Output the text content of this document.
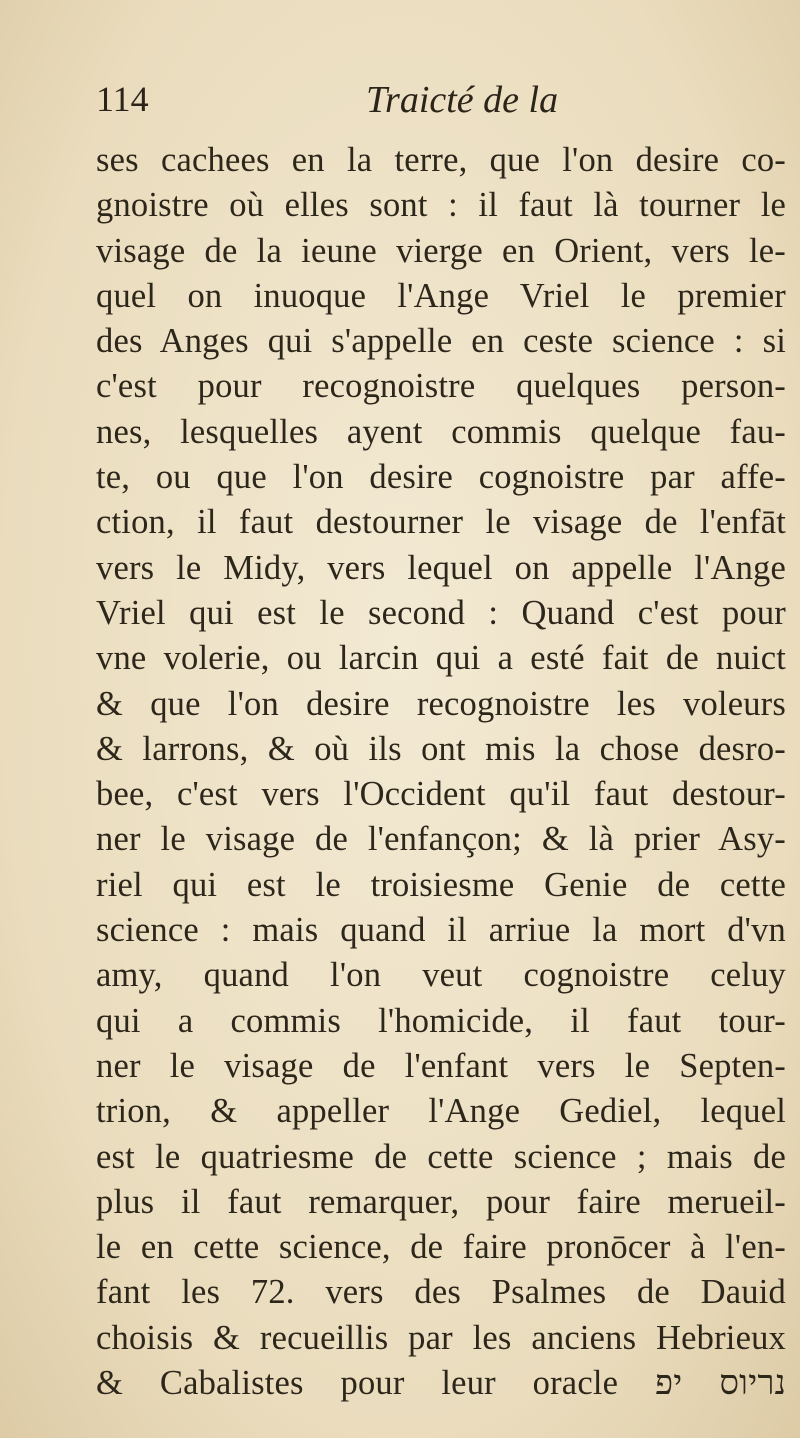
114	Traicté de la
ses cachees en la terre, que l'on desire co-
gnoistre où elles sont : il faut là tourner le
visage de la ieune vierge en Orient, vers le-
quel on inuoque l'Ange Vriel le premier
des Anges qui s'appelle en ceste science : si
c'est pour recognoistre quelques person-
nes, lesquelles ayent commis quelque fau-
te, ou que l'on desire cognoistre par affe-
ction, il faut destourner le visage de l'enfāt
vers le Midy, vers lequel on appelle l'Ange
Vriel qui est le second : Quand c'est pour
vne volerie, ou larcin qui a esté fait de nuict
& que l'on desire recognoistre les voleurs
& larrons, & où ils ont mis la chose desro-
bee, c'est vers l'Occident qu'il faut destour-
ner le visage de l'enfançon; & là prier Asy-
riel qui est le troisiesme Genie de cette
science : mais quand il arriue la mort d'vn
amy, quand l'on veut cognoistre celuy
qui a commis l'homicide, il faut tour-
ner le visage de l'enfant vers le Septen-
trion, & appeller l'Ange Gediel, lequel
est le quatriesme de cette science ; mais de
plus il faut remarquer, pour faire merueil-
le en cette science, de faire pronōcer à l'en-
fant les 72. vers des Psalmes de Dauid
choisis & recueillis par les anciens Hebrieux
& Cabalistes pour leur oracle נריוס יפ
